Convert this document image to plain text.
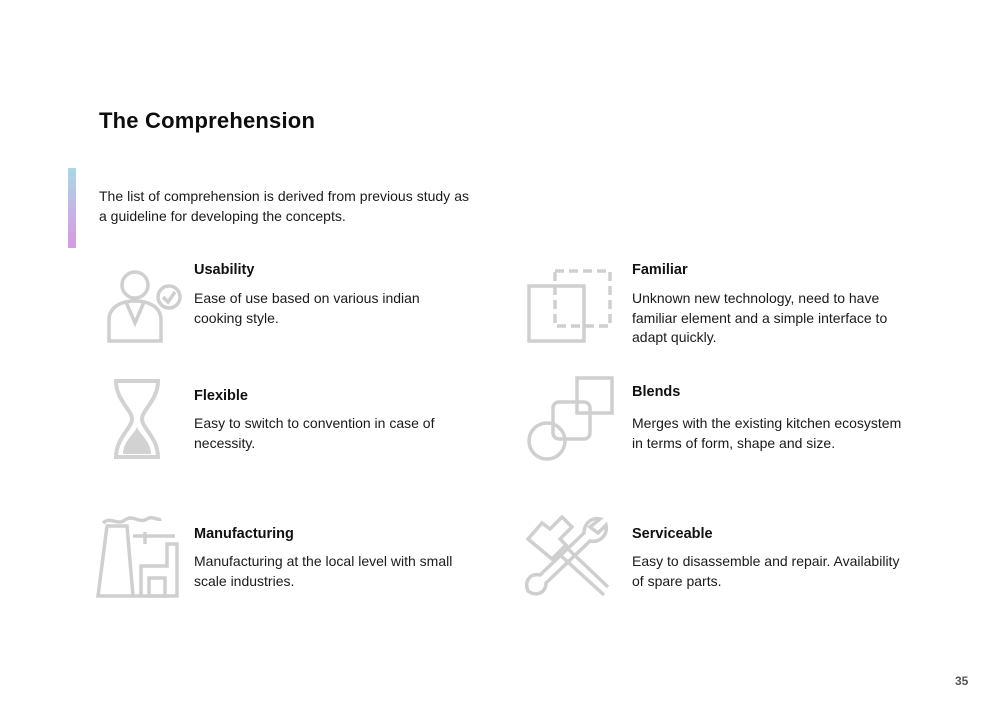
The Comprehension
The list of comprehension is derived from previous study as a guideline for developing the concepts.
Usability
Ease of use based on various indian cooking style.
Familiar
Unknown new technology, need to have familiar element and a simple interface to adapt quickly.
Flexible
Easy to switch to convention in case of necessity.
Blends
Merges with the existing kitchen ecosystem in terms of form, shape and size.
Manufacturing
Manufacturing at the local level with small scale industries.
Serviceable
Easy to disassemble and repair. Availability of spare parts.
35
